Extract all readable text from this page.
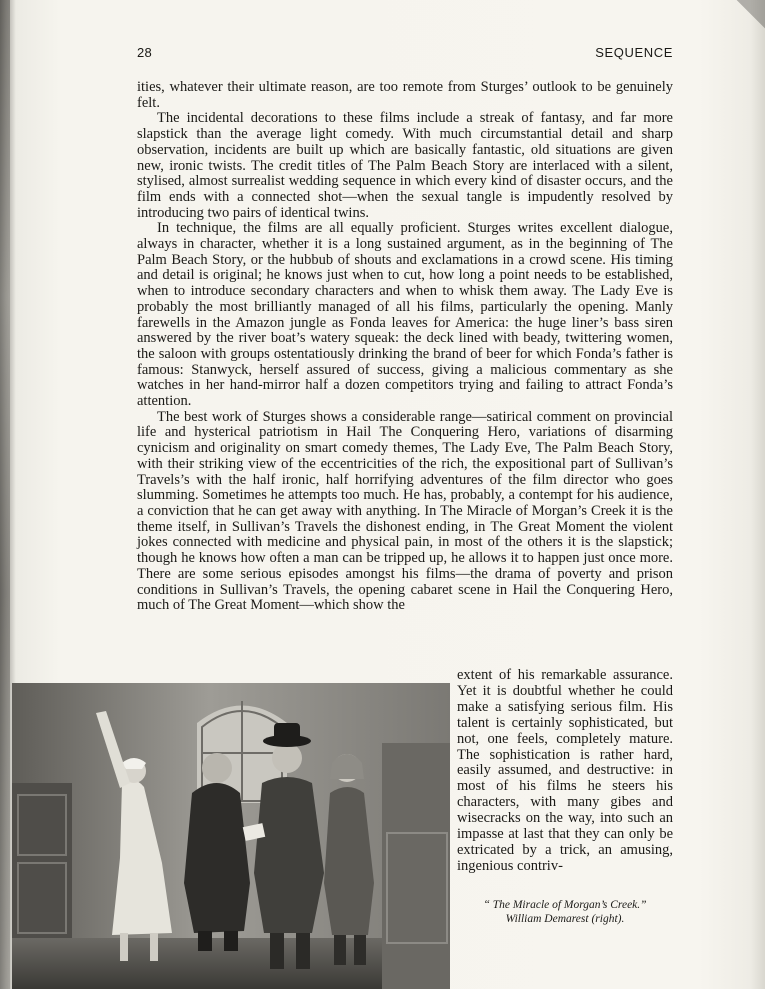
28	SEQUENCE

ities, whatever their ultimate reason, are too remote from Sturges’ outlook to be genuinely felt.

The incidental decorations to these films include a streak of fantasy, and far more slapstick than the average light comedy. With much circumstantial detail and sharp observation, incidents are built up which are basically fantastic, old situations are given new, ironic twists. The credit titles of The Palm Beach Story are interlaced with a silent, stylised, almost surrealist wedding sequence in which every kind of disaster occurs, and the film ends with a connected shot—when the sexual tangle is impudently resolved by introducing two pairs of identical twins.

In technique, the films are all equally proficient. Sturges writes excellent dialogue, always in character, whether it is a long sustained argument, as in the beginning of The Palm Beach Story, or the hubbub of shouts and exclamations in a crowd scene. His timing and detail is original; he knows just when to cut, how long a point needs to be established, when to introduce secondary characters and when to whisk them away. The Lady Eve is probably the most brilliantly managed of all his films, particularly the opening. Manly farewells in the Amazon jungle as Fonda leaves for America: the huge liner’s bass siren answered by the river boat’s watery squeak: the deck lined with beady, twittering women, the saloon with groups ostentatiously drinking the brand of beer for which Fonda’s father is famous: Stanwyck, herself assured of success, giving a malicious commentary as she watches in her hand-mirror half a dozen competitors trying and failing to attract Fonda’s attention.

The best work of Sturges shows a considerable range—satirical comment on provincial life and hysterical patriotism in Hail The Conquering Hero, variations of disarming cynicism and originality on smart comedy themes, The Lady Eve, The Palm Beach Story, with their striking view of the eccentricities of the rich, the expositional part of Sullivan’s Travels’s with the half ironic, half horrifying adventures of the film director who goes slumming. Sometimes he attempts too much. He has, probably, a contempt for his audience, a conviction that he can get away with anything. In The Miracle of Morgan’s Creek it is the theme itself, in Sullivan’s Travels the dishonest ending, in The Great Moment the violent jokes connected with medicine and physical pain, in most of the others it is the slapstick; though he knows how often a man can be tripped up, he allows it to happen just once more. There are some serious episodes amongst his films—the drama of poverty and prison conditions in Sullivan’s Travels, the opening cabaret scene in Hail the Conquering Hero, much of The Great Moment—which show the

extent of his remarkable assurance. Yet it is doubtful whether he could make a satisfying serious film. His talent is certainly sophisticated, but not, one feels, completely mature. The sophistication is rather hard, easily assumed, and destructive: in most of his films he steers his characters, with many gibes and wisecracks on the way, into such an impasse at last that they can only be extricated by a trick, an amusing, ingenious contriv-

“ The Miracle of Morgan’s Creek.”
William Demarest (right).
